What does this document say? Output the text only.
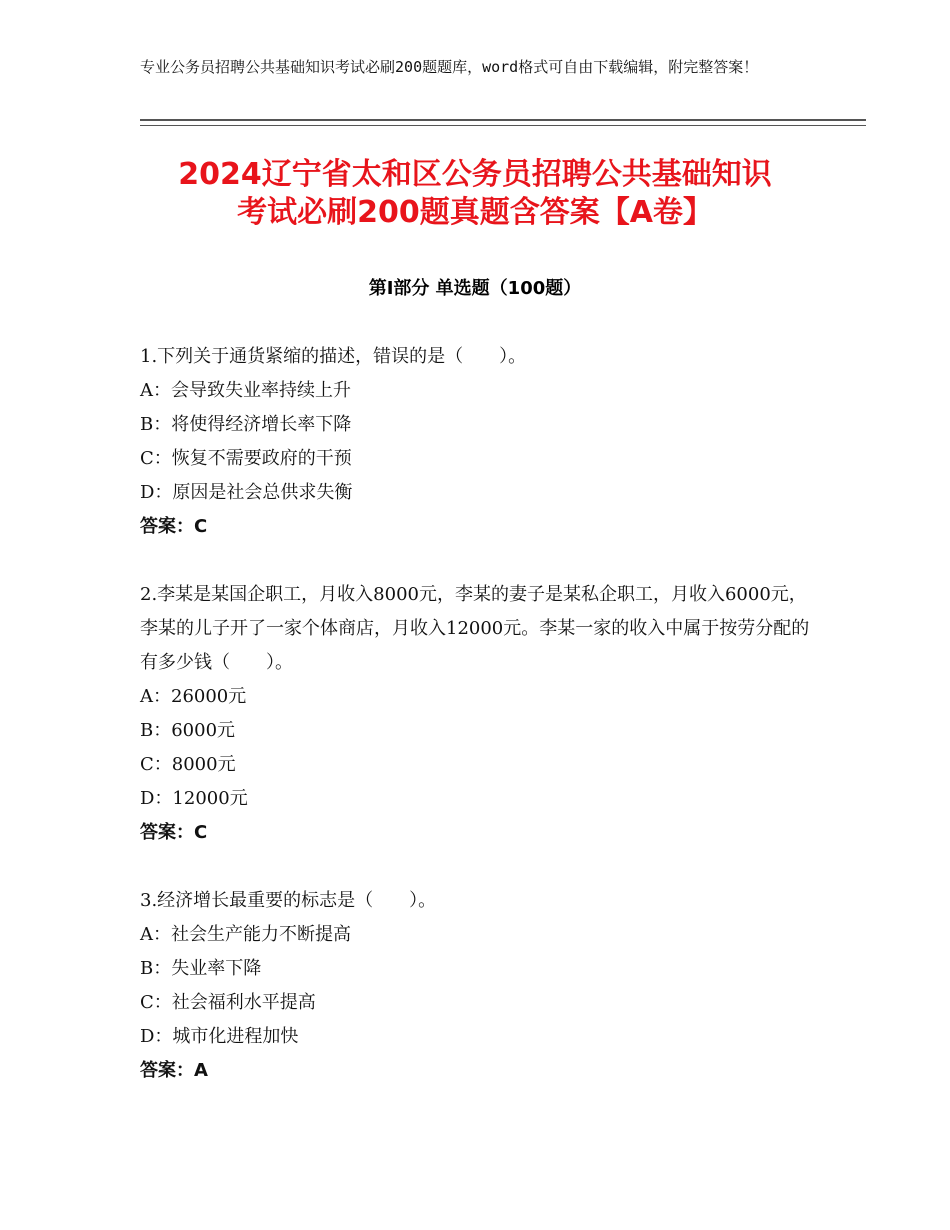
专业公务员招聘公共基础知识考试必刷200题题库，word格式可自由下载编辑，附完整答案！
2024辽宁省太和区公务员招聘公共基础知识
考试必刷200题真题含答案【A卷】
第Ⅰ部分 单选题（100题）

1.下列关于通货紧缩的描述，错误的是（　　）。

A：会导致失业率持续上升

B：将使得经济增长率下降

C：恢复不需要政府的干预

D：原因是社会总供求失衡

答案：C

2.李某是某国企职工，月收入8000元，李某的妻子是某私企职工，月收入6000元，李某的儿子开了一家个体商店，月收入12000元。李某一家的收入中属于按劳分配的有多少钱（　　）。

A：26000元

B：6000元

C：8000元

D：12000元

答案：C

3.经济增长最重要的标志是（　　）。

A：社会生产能力不断提高

B：失业率下降

C：社会福利水平提高

D：城市化进程加快

答案：A
